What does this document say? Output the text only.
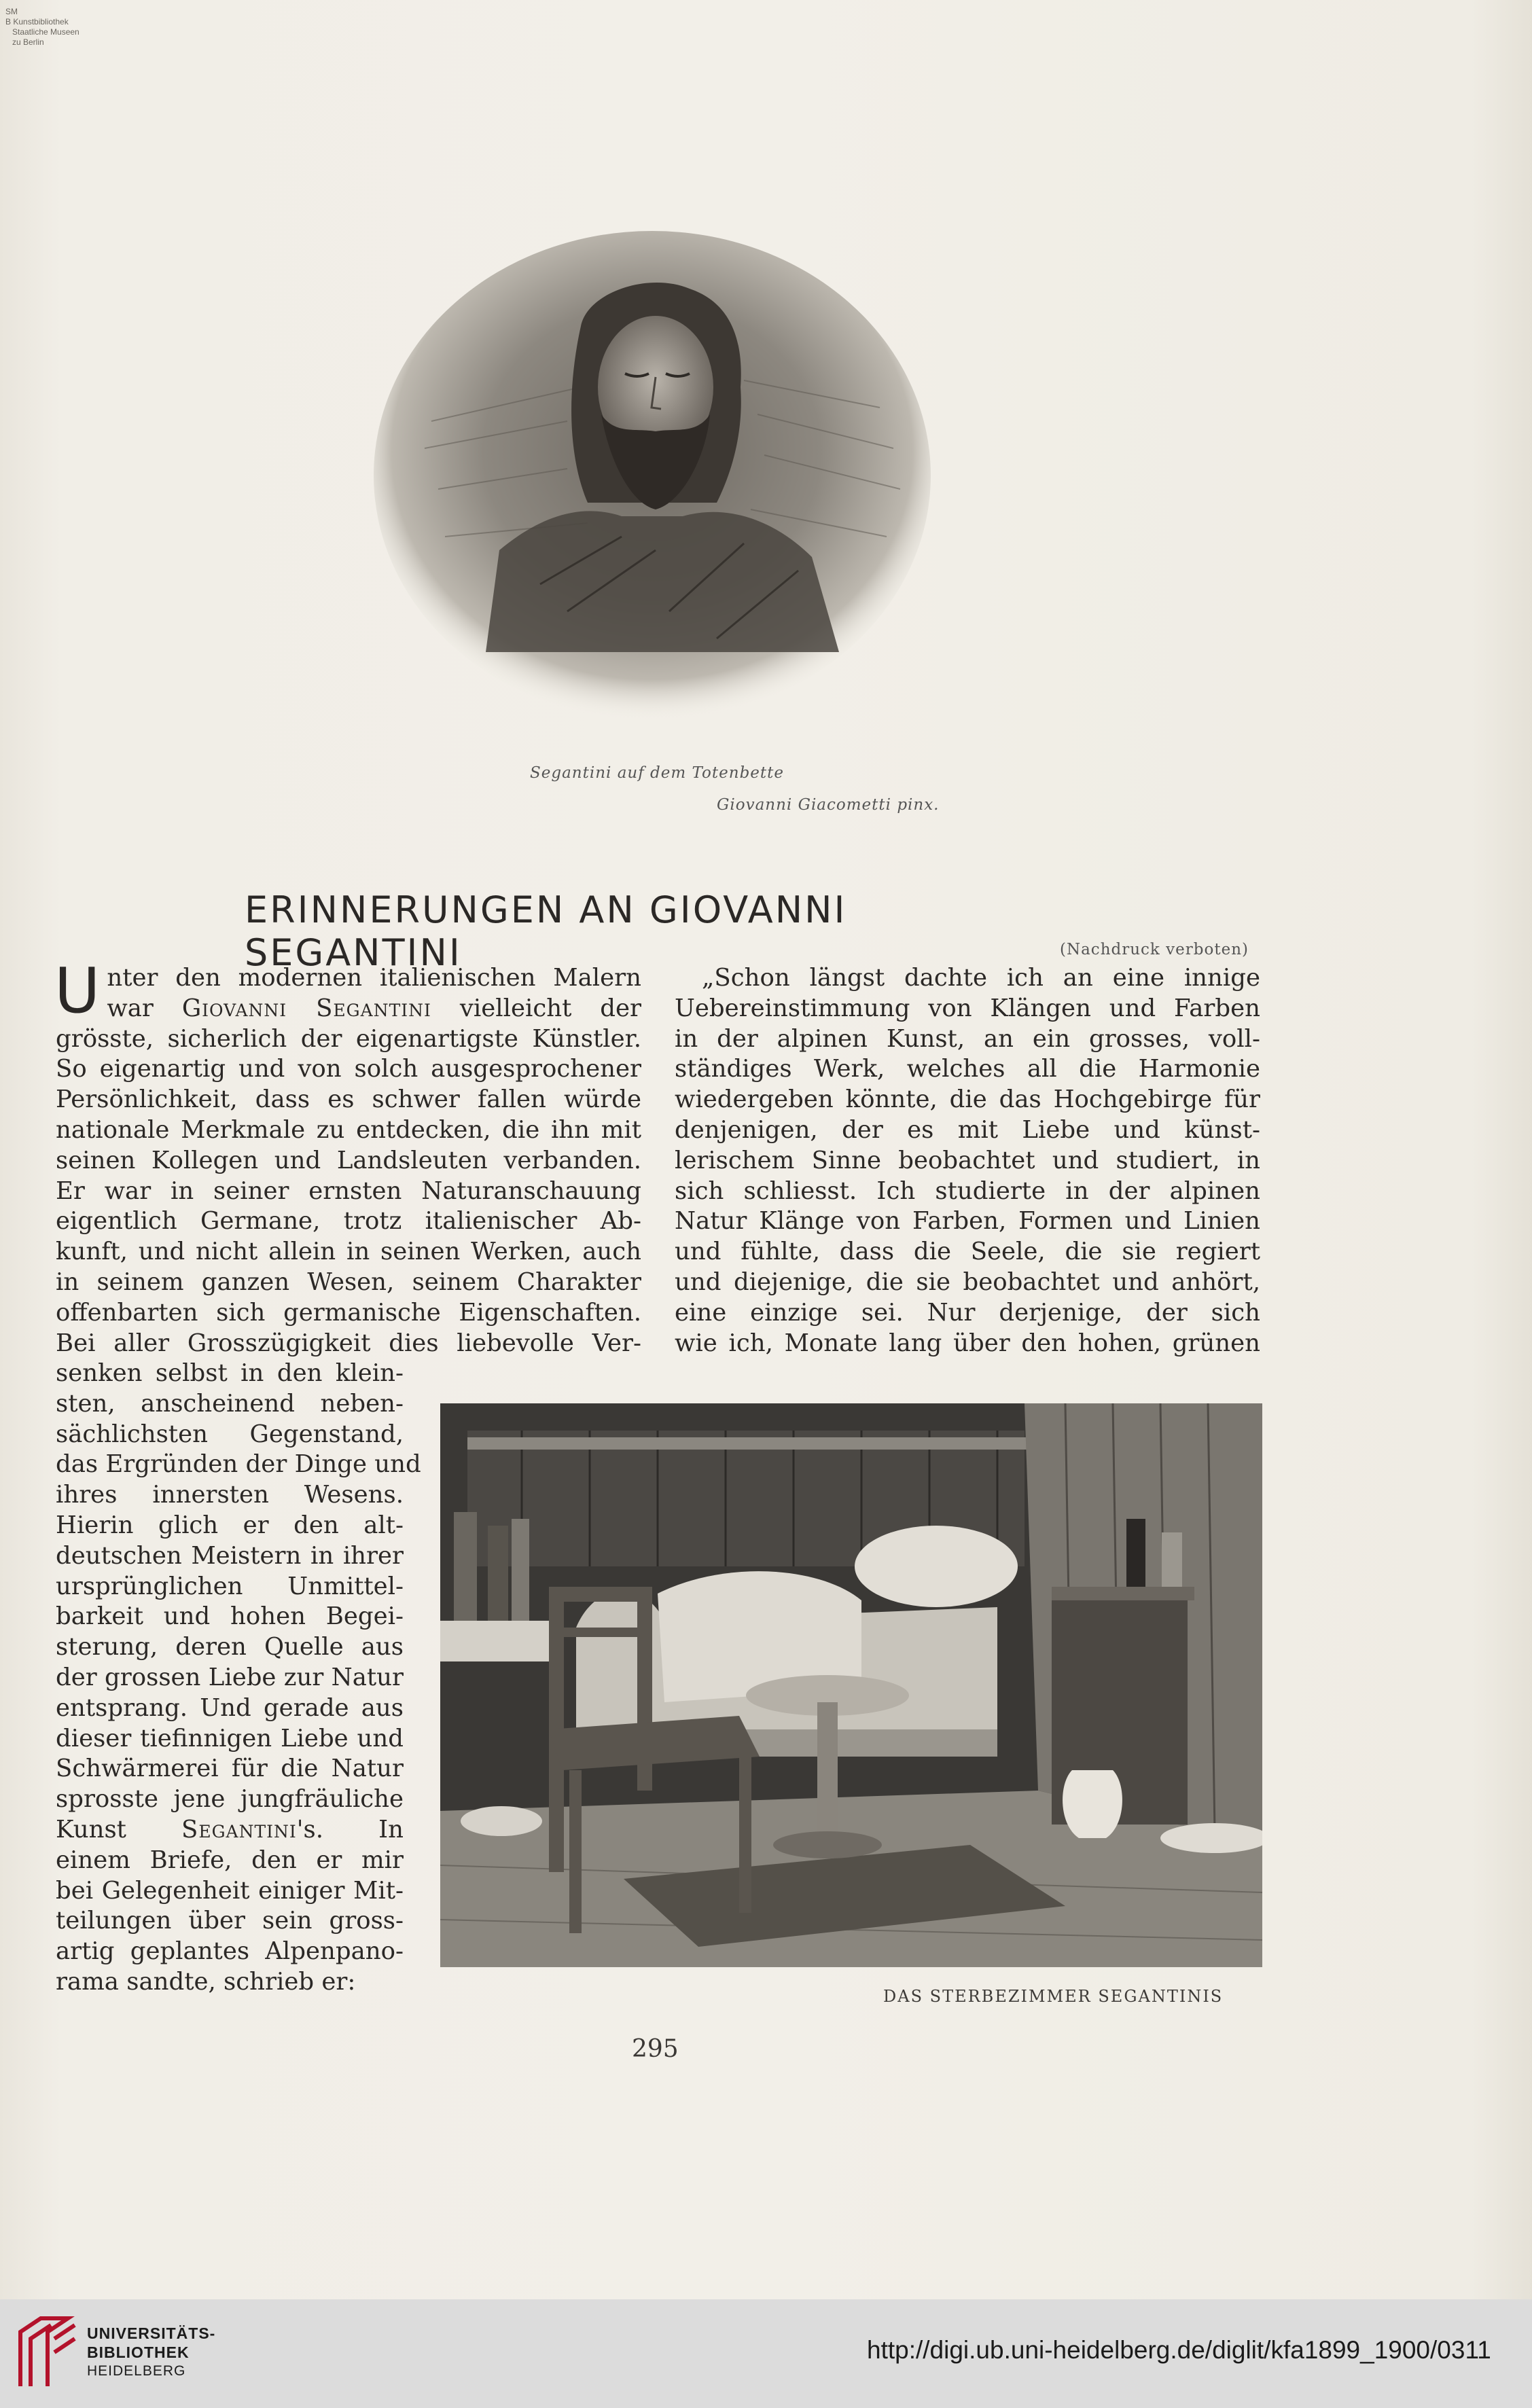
SM
B Kunstbibliothek
Staatliche Museen
zu Berlin
Segantini auf dem Totenbette
Giovanni Giacometti pinx.
ERINNERUNGEN AN GIOVANNI SEGANTINI	(Nachdruck verboten)
U nter den modernen italienischen Malern
war Giovanni Segantini vielleicht der
grösste, sicherlich der eigenartigste Künstler.
So eigenartig und von solch ausgesprochener
Persönlichkeit, dass es schwer fallen würde
nationale Merkmale zu entdecken, die ihn mit
seinen Kollegen und Landsleuten verbanden.
Er war in seiner ernsten Naturanschauung
eigentlich Germane, trotz italienischer Ab-
kunft, und nicht allein in seinen Werken, auch
in seinem ganzen Wesen, seinem Charakter
offenbarten sich germanische Eigenschaften.
Bei aller Grosszügigkeit dies liebevolle Ver-
senken selbst in den klein-
sten, anscheinend neben-
sächlichsten Gegenstand,
das Ergründen der Dinge und
ihres innersten Wesens.
Hierin glich er den alt-
deutschen Meistern in ihrer
ursprünglichen Unmittel-
barkeit und hohen Begei-
sterung, deren Quelle aus
der grossen Liebe zur Natur
entsprang. Und gerade aus
dieser tiefinnigen Liebe und
Schwärmerei für die Natur
sprosste jene jungfräuliche
Kunst Segantini's. In
einem Briefe, den er mir
bei Gelegenheit einiger Mit-
teilungen über sein gross-
artig geplantes Alpenpano-
rama sandte, schrieb er:
„Schon längst dachte ich an eine innige
Uebereinstimmung von Klängen und Farben
in der alpinen Kunst, an ein grosses, voll-
ständiges Werk, welches all die Harmonie
wiedergeben könnte, die das Hochgebirge für
denjenigen, der es mit Liebe und künst-
lerischem Sinne beobachtet und studiert, in
sich schliesst. Ich studierte in der alpinen
Natur Klänge von Farben, Formen und Linien
und fühlte, dass die Seele, die sie regiert
und diejenige, die sie beobachtet und anhört,
eine einzige sei. Nur derjenige, der sich
wie ich, Monate lang über den hohen, grünen
DAS STERBEZIMMER SEGANTINIS
295
UNIVERSITÄTS-
BIBLIOTHEK
HEIDELBERG
http://digi.ub.uni-heidelberg.de/diglit/kfa1899_1900/0311
